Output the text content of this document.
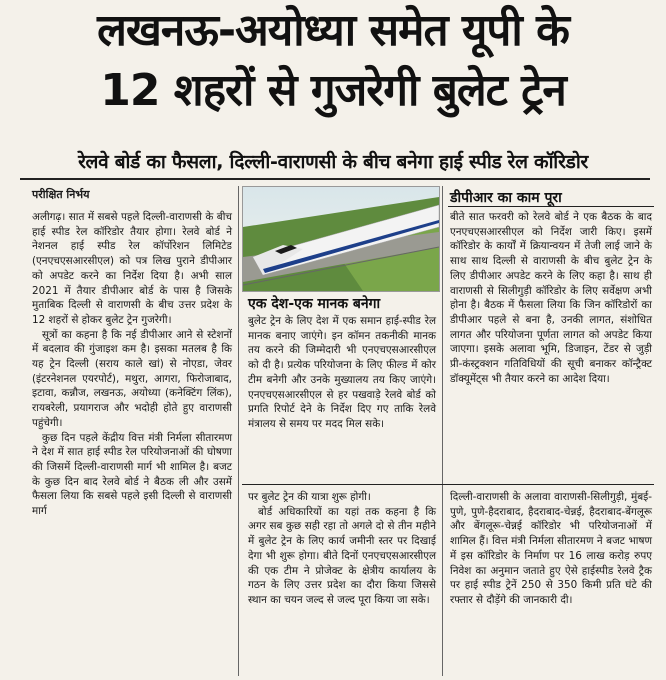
लखनऊ-अयोध्या समेत यूपी के
12 शहरों से गुजरेगी बुलेट ट्रेन
रेलवे बोर्ड का फैसला, दिल्ली-वाराणसी के बीच बनेगा हाई स्पीड रेल कॉरिडोर
परीक्षित निर्भय

अलीगढ़। सात में सबसे पहले दिल्ली-वाराणसी के बीच हाई स्पीड रेल कॉरिडोर तैयार होगा। रेलवे बोर्ड ने नेशनल हाई स्पीड रेल कॉर्पोरेशन लिमिटेड (एनएचएसआरसीएल) को पत्र लिख पुराने डीपीआर को अपडेट करने का निर्देश दिया है। अभी साल 2021 में तैयार डीपीआर बोर्ड के पास है जिसके मुताबिक दिल्ली से वाराणसी के बीच उत्तर प्रदेश के 12 शहरों से होकर बुलेट ट्रेन गुजरेगी।

सूत्रों का कहना है कि नई डीपीआर आने से स्टेशनों में बदलाव की गुंजाइश कम है। इसका मतलब है कि यह ट्रेन दिल्ली (सराय काले खां) से नोएडा, जेवर (इंटरनेशनल एयरपोर्ट), मथुरा, आगरा, फिरोजाबाद, इटावा, कन्नौज, लखनऊ, अयोध्या (कनेक्टिंग लिंक), रायबरेली, प्रयागराज और भदोही होते हुए वाराणसी पहुंचेगी।

कुछ दिन पहले केंद्रीय वित्त मंत्री निर्मला सीतारमण ने देश में सात हाई स्पीड रेल परियोजनाओं की घोषणा की जिसमें दिल्ली-वाराणसी मार्ग भी शामिल है। बजट के कुछ दिन बाद रेलवे बोर्ड ने बैठक ली और उसमें फैसला लिया कि सबसे पहले इसी दिल्ली से वाराणसी मार्ग

एक देश-एक मानक बनेगा

बुलेट ट्रेन के लिए देश में एक समान हाई-स्पीड रेल मानक बनाए जाएंगे। इन कॉमन तकनीकी मानक तय करने की जिम्मेदारी भी एनएचएसआरसीएल को दी है। प्रत्येक परियोजना के लिए फील्ड में कोर टीम बनेगी और उनके मुख्यालय तय किए जाएंगे। एनएचएसआरसीएल से हर पखवाड़े रेलवे बोर्ड को प्रगति रिपोर्ट देने के निर्देश दिए गए ताकि रेलवे मंत्रालय से समय पर मदद मिल सके।

डीपीआर का काम पूरा

बीते सात फरवरी को रेलवे बोर्ड ने एक बैठक के बाद एनएचएसआरसीएल को निर्देश जारी किए। इसमें कॉरिडोर के कार्यों में क्रियान्वयन में तेजी लाई जाने के साथ साथ दिल्ली से वाराणसी के बीच बुलेट ट्रेन के लिए डीपीआर अपडेट करने के लिए कहा है। साथ ही वाराणसी से सिलीगुड़ी कॉरिडोर के लिए सर्वेक्षण अभी होना है। बैठक में फैसला लिया कि जिन कॉरिडोरों का डीपीआर पहले से बना है, उनकी लागत, संशोधित लागत और परियोजना पूर्णता लागत को अपडेट किया जाएगा। इसके अलावा भूमि, डिजाइन, टेंडर से जुड़ी प्री-कंस्ट्रक्शन गतिविधियों की सूची बनाकर कॉन्ट्रैक्ट डॉक्यूमेंट्स भी तैयार करने का आदेश दिया।

पर बुलेट ट्रेन की यात्रा शुरू होगी।

बोर्ड अधिकारियों का यहां तक कहना है कि अगर सब कुछ सही रहा तो अगले दो से तीन महीने में बुलेट ट्रेन के लिए कार्य जमीनी स्तर पर दिखाई देगा भी शुरू होगा। बीते दिनों एनएचएसआरसीएल की एक टीम ने प्रोजेक्ट के क्षेत्रीय कार्यालय के गठन के लिए उत्तर प्रदेश का दौरा किया जिससे स्थान का चयन जल्द से जल्द पूरा किया जा सके।

दिल्ली-वाराणसी के अलावा वाराणसी-सिलीगुड़ी, मुंबई-पुणे, पुणे-हैदराबाद, हैदराबाद-चेन्नई, हैदराबाद-बेंगलूरू और बेंगलूरू-चेन्नई कॉरिडोर भी परियोजनाओं में शामिल हैं। वित्त मंत्री निर्मला सीतारमण ने बजट भाषण में इस कॉरिडोर के निर्माण पर 16 लाख करोड़ रुपए निवेश का अनुमान जताते हुए ऐसे हाईस्पीड रेलवे ट्रैक पर हाई स्पीड ट्रेनें 250 से 350 किमी प्रति घंटे की रफ्तार से दौड़ेंगे की जानकारी दी।
